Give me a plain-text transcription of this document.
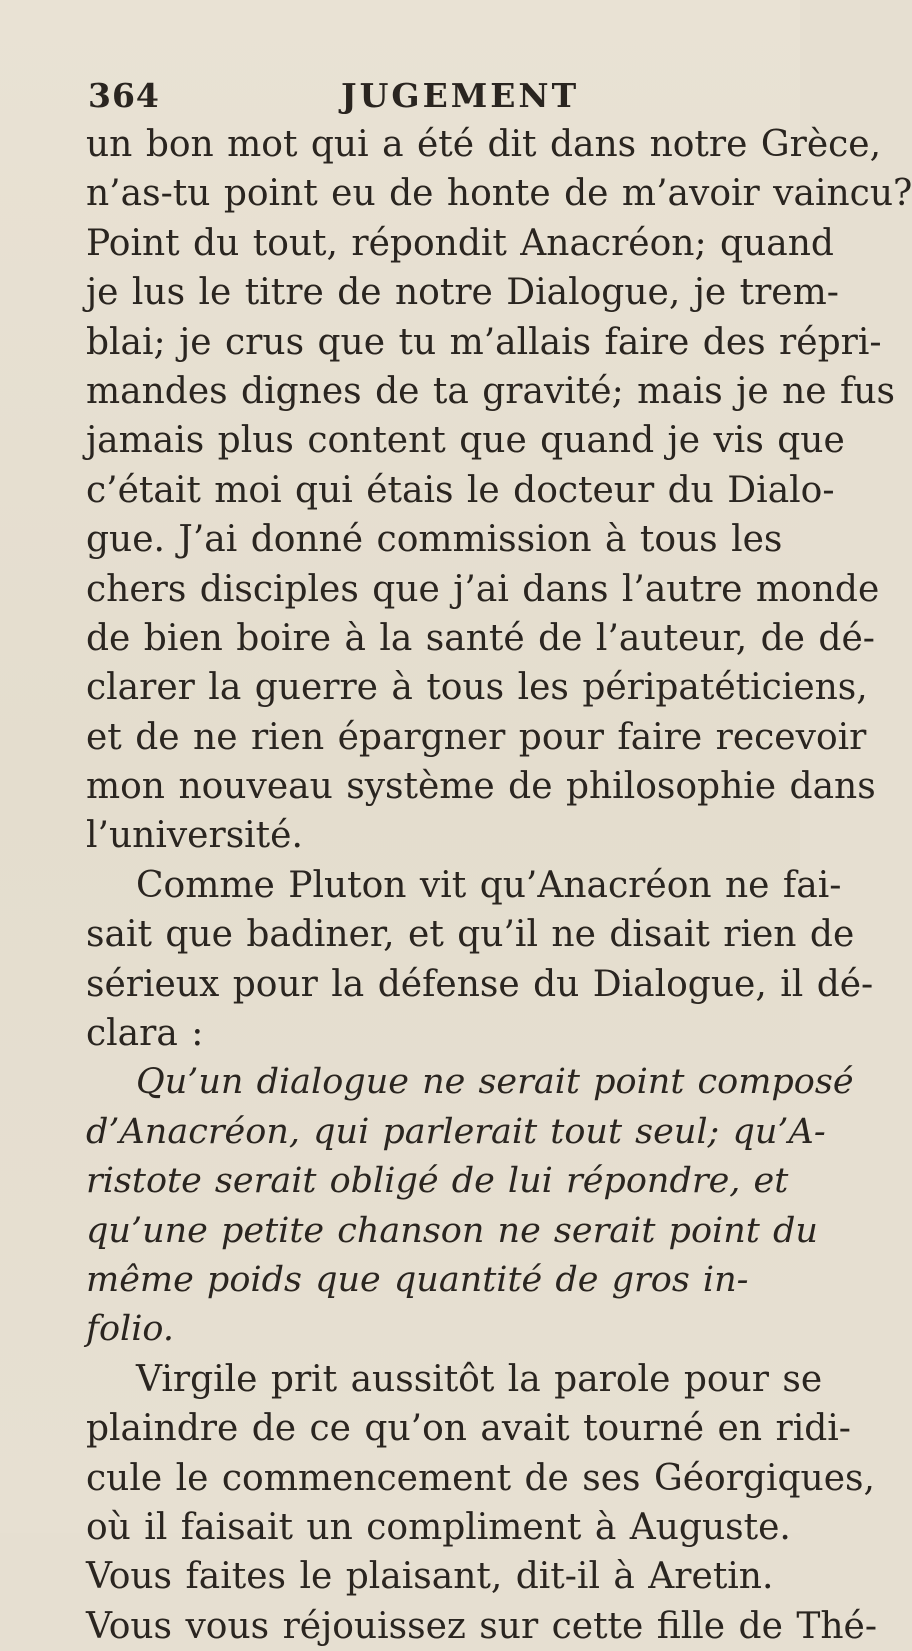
364	JUGEMENT
un bon mot qui a été dit dans notre Grèce,
n’as-tu point eu de honte de m’avoir vaincu?
Point du tout, répondit Anacréon; quand
je lus le titre de notre Dialogue, je trem-
blai; je crus que tu m’allais faire des répri-
mandes dignes de ta gravité; mais je ne fus
jamais plus content que quand je vis que
c’était moi qui étais le docteur du Dialo-
gue. J’ai donné commission à tous les
chers disciples que j’ai dans l’autre monde
de bien boire à la santé de l’auteur, de dé-
clarer la guerre à tous les péripatéticiens,
et de ne rien épargner pour faire recevoir
mon nouveau système de philosophie dans
l’université.
Comme Pluton vit qu’Anacréon ne fai-
sait que badiner, et qu’il ne disait rien de
sérieux pour la défense du Dialogue, il dé-
clara :
Qu’un dialogue ne serait point composé
d’Anacréon, qui parlerait tout seul; qu’A-
ristote serait obligé de lui répondre, et
qu’une petite chanson ne serait point du
même poids que quantité de gros in-
folio.
Virgile prit aussitôt la parole pour se
plaindre de ce qu’on avait tourné en ridi-
cule le commencement de ses Géorgiques,
où il faisait un compliment à Auguste.
Vous faites le plaisant, dit-il à Aretin.
Vous vous réjouissez sur cette fille de Thé-
